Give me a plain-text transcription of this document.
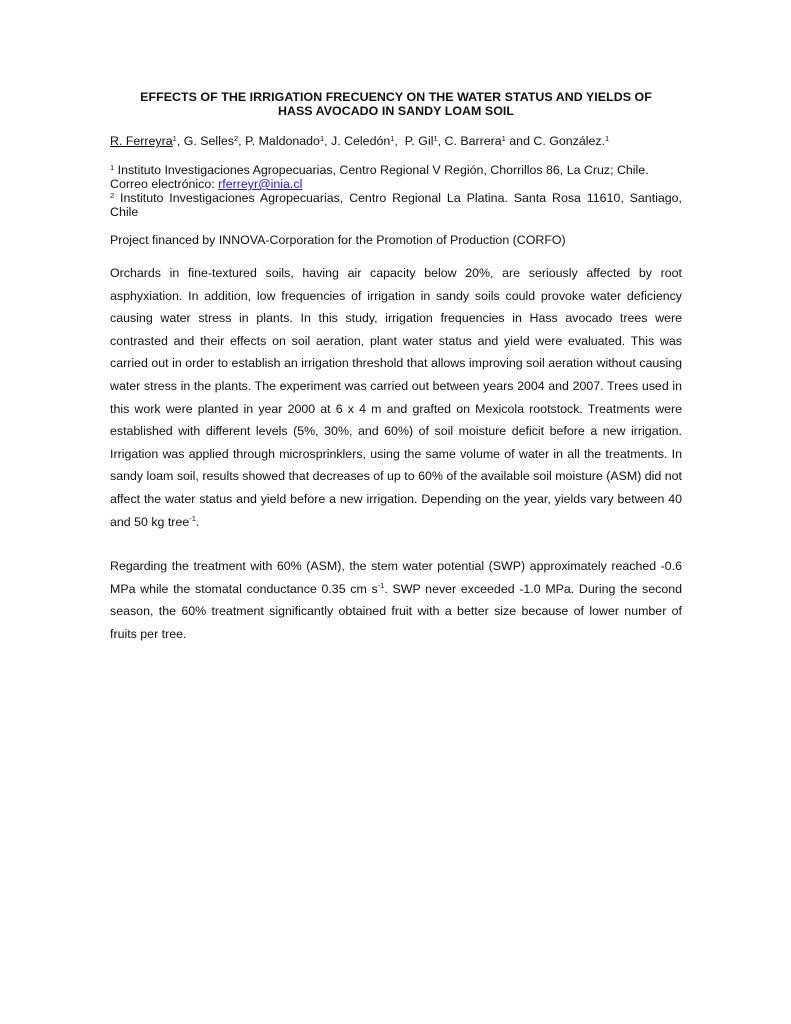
EFFECTS OF THE IRRIGATION FRECUENCY ON THE WATER STATUS AND YIELDS OF
HASS AVOCADO IN SANDY LOAM SOIL
R. Ferreyra$^1$, G. Selles$^2$, P. Maldonado$^1$, J. Celedón$^1$,  P. Gil$^1$, C. Barrera$^1$ and C. González.$^1$
$^1$ Instituto Investigaciones Agropecuarias, Centro Regional V Región, Chorrillos 86, La Cruz; Chile.
Correo electrónico: rferreyr@inia.cl
$^2$ Instituto Investigaciones Agropecuarias, Centro Regional La Platina. Santa Rosa 11610, Santiago, Chile
Project financed by INNOVA-Corporation for the Promotion of Production (CORFO)

Orchards in fine-textured soils, having air capacity below 20%, are seriously affected by root asphyxiation. In addition, low frequencies of irrigation in sandy soils could provoke water deficiency causing water stress in plants. In this study, irrigation frequencies in Hass avocado trees were contrasted and their effects on soil aeration, plant water status and yield were evaluated. This was carried out in order to establish an irrigation threshold that allows improving soil aeration without causing water stress in the plants. The experiment was carried out between years 2004 and 2007. Trees used in this work were planted in year 2000 at 6 x 4 m and grafted on Mexicola rootstock. Treatments were established with different levels (5%, 30%, and 60%) of soil moisture deficit before a new irrigation. Irrigation was applied through microsprinklers, using the same volume of water in all the treatments. In sandy loam soil, results showed that decreases of up to 60% of the available soil moisture (ASM) did not affect the water status and yield before a new irrigation. Depending on the year, yields vary between 40 and 50 kg tree$^{-1}$.

Regarding the treatment with 60% (ASM), the stem water potential (SWP) approximately reached -0.6 MPa while the stomatal conductance 0.35 cm $s^{-1}$. SWP never exceeded -1.0 MPa. During the second season, the 60% treatment significantly obtained fruit with a better size because of lower number of fruits per tree.
